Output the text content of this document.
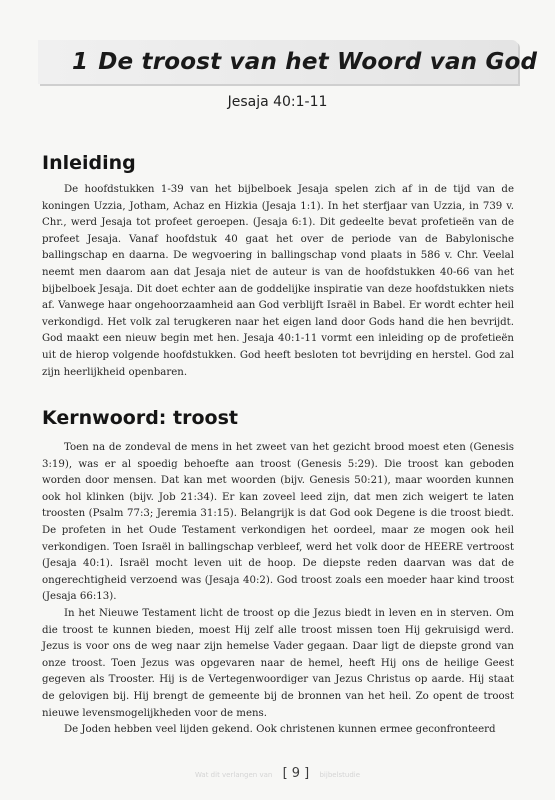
1 De troost van het Woord van God
Jesaja 40:1-11
Inleiding

De hoofdstukken 1-39 van het bijbelboek Jesaja spelen zich af in de tijd van de koningen Uzzia, Jotham, Achaz en Hizkia (Jesaja 1:1). In het sterfjaar van Uzzia, in 739 v. Chr., werd Jesaja tot profeet geroepen. (Jesaja 6:1). Dit gedeelte bevat profetieën van de profeet Jesaja. Vanaf hoofdstuk 40 gaat het over de periode van de Babylonische ballingschap en daarna. De wegvoering in ballingschap vond plaats in 586 v. Chr. Veelal neemt men daarom aan dat Jesaja niet de auteur is van de hoofdstukken 40-66 van het bijbelboek Jesaja. Dit doet echter aan de goddelijke inspiratie van deze hoofdstukken niets af. Vanwege haar ongehoorzaamheid aan God verblijft Israël in Babel. Er wordt echter heil verkondigd. Het volk zal terugkeren naar het eigen land door Gods hand die hen bevrijdt. God maakt een nieuw begin met hen. Jesaja 40:1-11 vormt een inleiding op de profetieën uit de hierop volgende hoofdstukken. God heeft besloten tot bevrijding en herstel. God zal zijn heerlijkheid openbaren.

Kernwoord: troost

Toen na de zondeval de mens in het zweet van het gezicht brood moest eten (Genesis 3:19), was er al spoedig behoefte aan troost (Genesis 5:29). Die troost kan geboden worden door mensen. Dat kan met woorden (bijv. Genesis 50:21), maar woorden kunnen ook hol klinken (bijv. Job 21:34). Er kan zoveel leed zijn, dat men zich weigert te laten troosten (Psalm 77:3; Jeremia 31:15). Belangrijk is dat God ook Degene is die troost biedt. De profeten in het Oude Testament verkondigen het oordeel, maar ze mogen ook heil verkondigen. Toen Israël in ballingschap verbleef, werd het volk door de HEERE vertroost (Jesaja 40:1). Israël mocht leven uit de hoop. De diepste reden daarvan was dat de ongerechtigheid verzoend was (Jesaja 40:2). God troost zoals een moeder haar kind troost (Jesaja 66:13).

In het Nieuwe Testament licht de troost op die Jezus biedt in leven en in sterven. Om die troost te kunnen bieden, moest Hij zelf alle troost missen toen Hij gekruisigd werd. Jezus is voor ons de weg naar zijn hemelse Vader gegaan. Daar ligt de diepste grond van onze troost. Toen Jezus was opgevaren naar de hemel, heeft Hij ons de heilige Geest gegeven als Trooster. Hij is de Vertegenwoordiger van Jezus Christus op aarde. Hij staat de gelovigen bij. Hij brengt de gemeente bij de bronnen van het heil. Zo opent de troost nieuwe levensmogelijkheden voor de mens.

De Joden hebben veel lijden gekend. Ook christenen kunnen ermee geconfronteerd

Wat dit verlangen van [ 9 ] bijbelstudie
